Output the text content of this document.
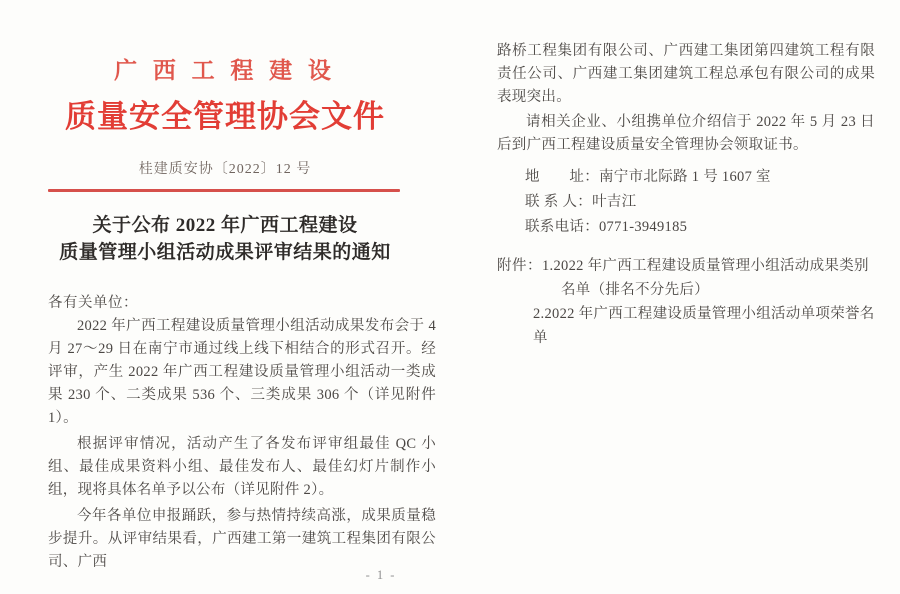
广 西 工 程 建 设
质量安全管理协会文件
桂建质安协〔2022〕12 号
关于公布 2022 年广西工程建设
质量管理小组活动成果评审结果的通知
各有关单位：

2022 年广西工程建设质量管理小组活动成果发布会于 4 月 27～29 日在南宁市通过线上线下相结合的形式召开。经评审，产生 2022 年广西工程建设质量管理小组活动一类成果 230 个、二类成果 536 个、三类成果 306 个（详见附件 1）。

根据评审情况，活动产生了各发布评审组最佳 QC 小组、最佳成果资料小组、最佳发布人、最佳幻灯片制作小组，现将具体名单予以公布（详见附件 2）。

今年各单位申报踊跃，参与热情持续高涨，成果质量稳步提升。从评审结果看，广西建工第一建筑工程集团有限公司、广西

- 1 -

路桥工程集团有限公司、广西建工集团第四建筑工程有限责任公司、广西建工集团建筑工程总承包有限公司的成果表现突出。

请相关企业、小组携单位介绍信于 2022 年 5 月 23 日后到广西工程建设质量安全管理协会领取证书。

地　　址：南宁市北际路 1 号 1607 室
联 系 人：叶吉江
联系电话：0771-3949185
附件：1.2022 年广西工程建设质量管理小组活动成果类别
名单（排名不分先后）
2.2022 年广西工程建设质量管理小组活动单项荣誉名单
